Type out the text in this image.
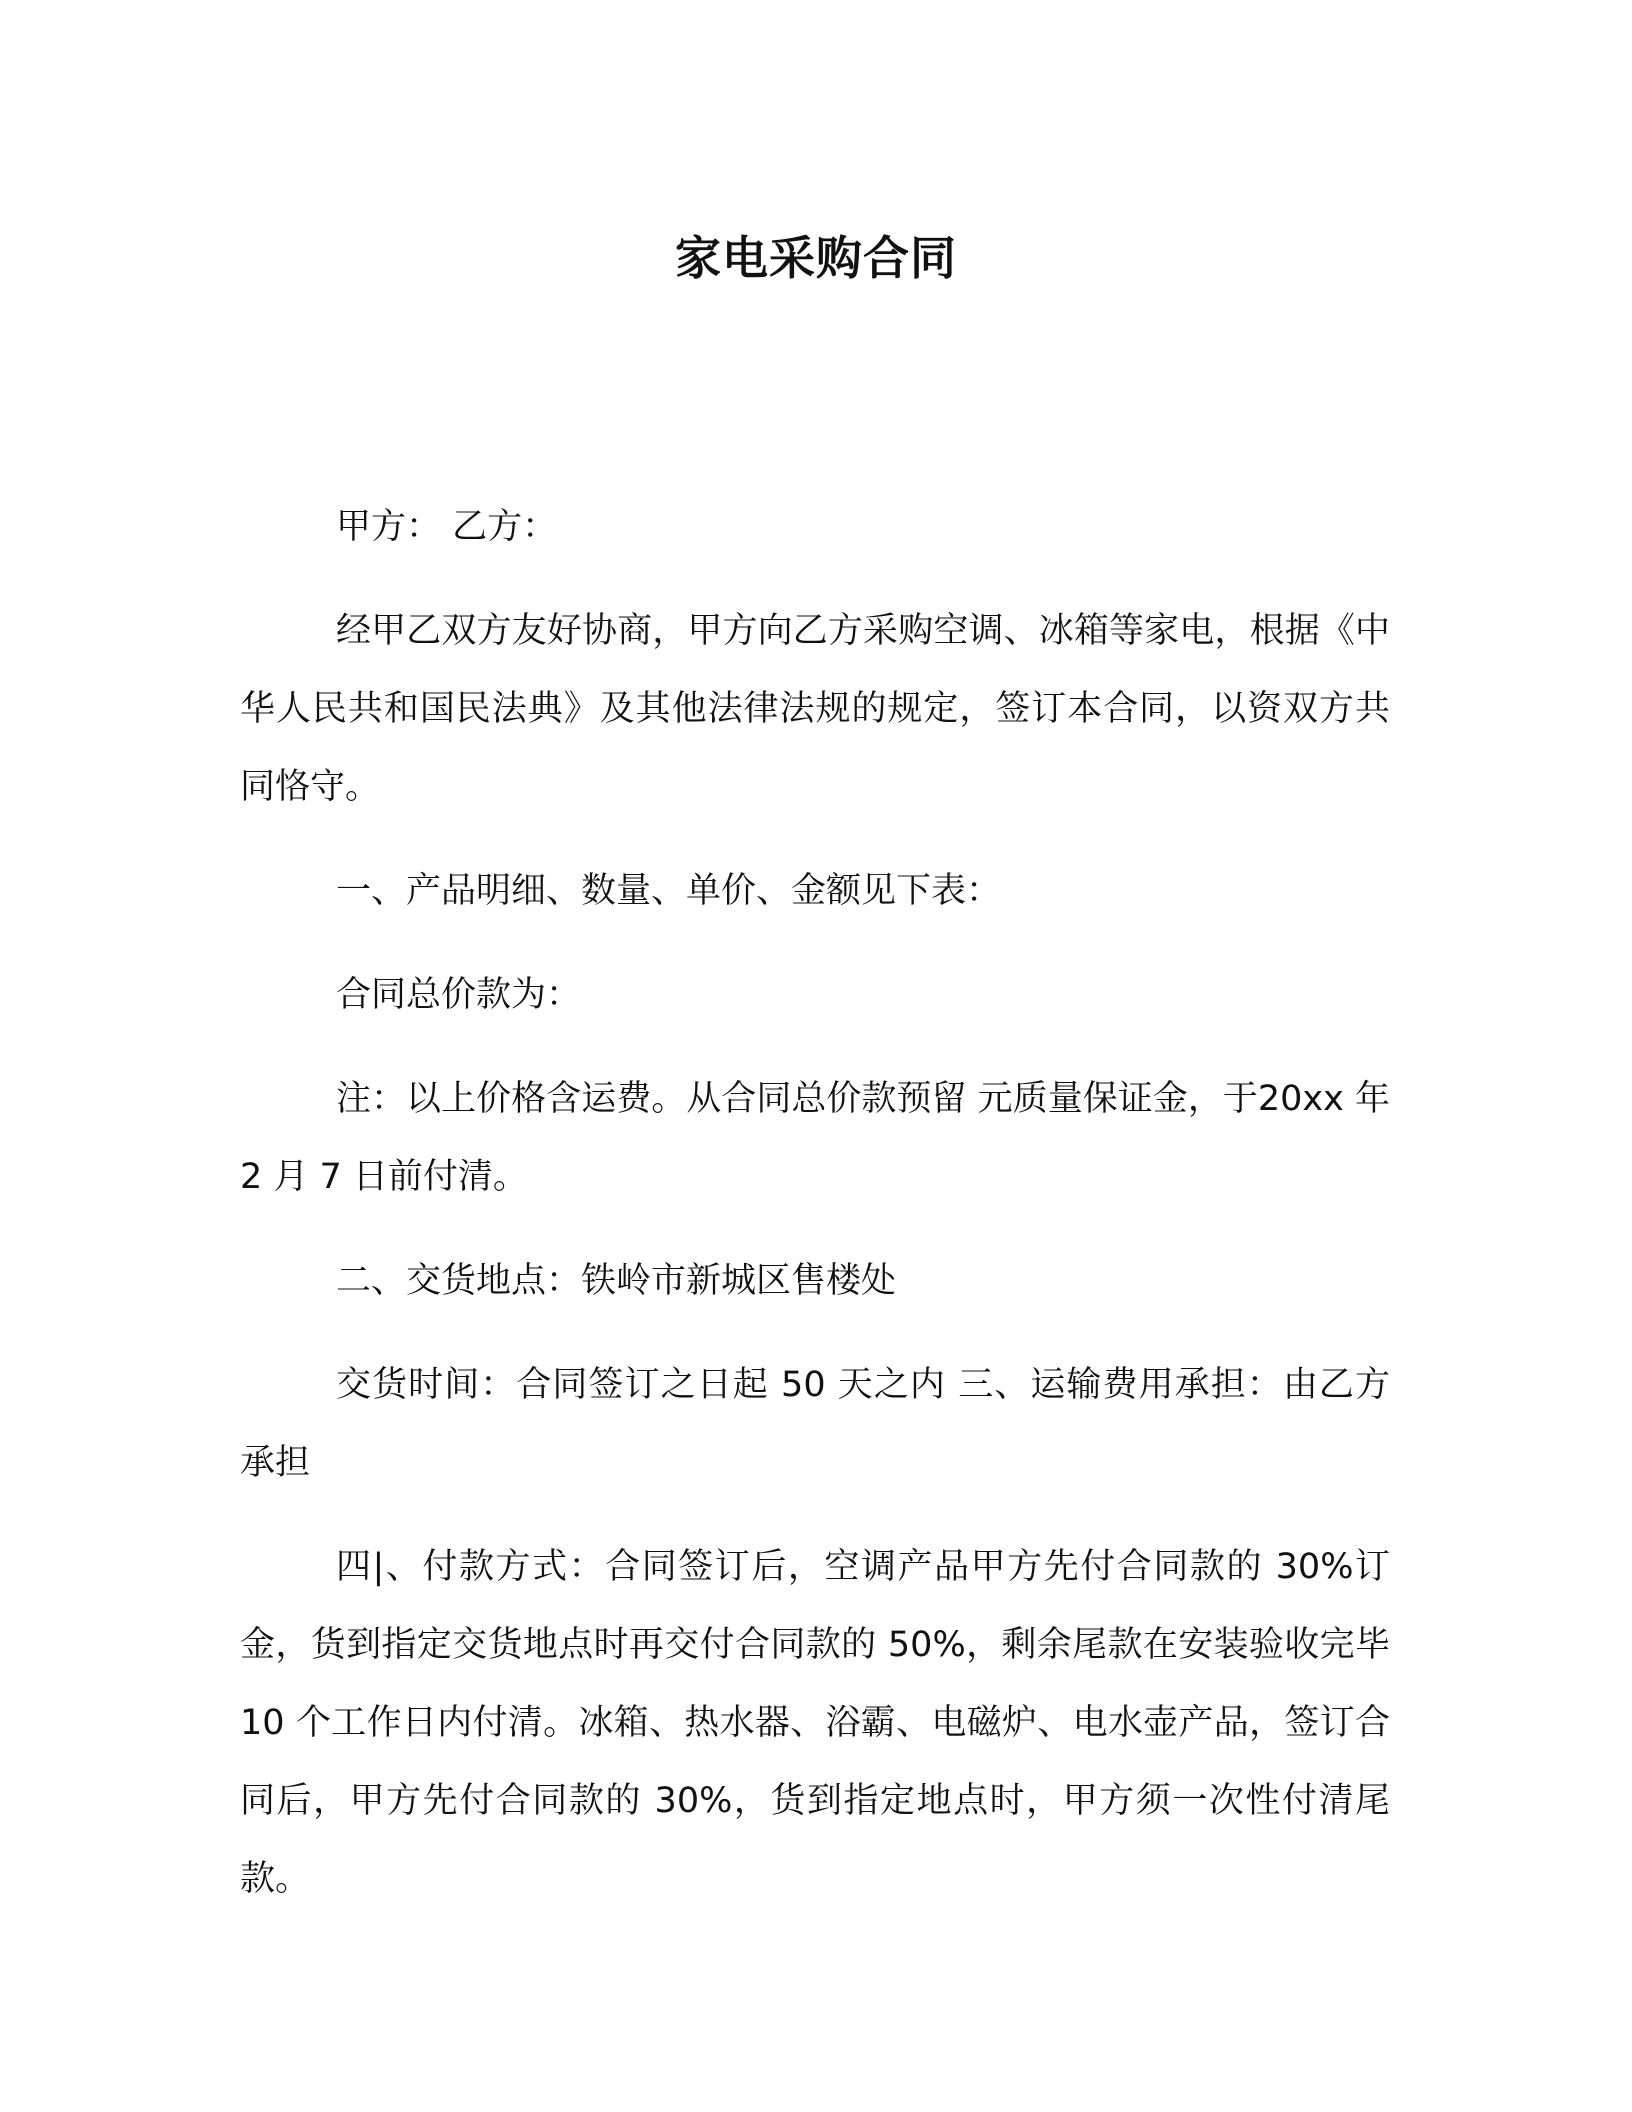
家电采购合同

甲方： 乙方：

经甲乙双方友好协商，甲方向乙方采购空调、冰箱等家电，根据《中华人民共和国民法典》及其他法律法规的规定，签订本合同，以资双方共同恪守。

一、产品明细、数量、单价、金额见下表：

合同总价款为：

注：以上价格含运费。从合同总价款预留 元质量保证金，于20xx 年 2 月 7 日前付清。

二、交货地点：铁岭市新城区售楼处

交货时间：合同签订之日起 50 天之内 三、运输费用承担：由乙方承担

四|、付款方式：合同签订后，空调产品甲方先付合同款的 30%订金，货到指定交货地点时再交付合同款的 50%，剩余尾款在安装验收完毕 10 个工作日内付清。冰箱、热水器、浴霸、电磁炉、电水壶产品，签订合同后，甲方先付合同款的 30%，货到指定地点时，甲方须一次性付清尾款。
